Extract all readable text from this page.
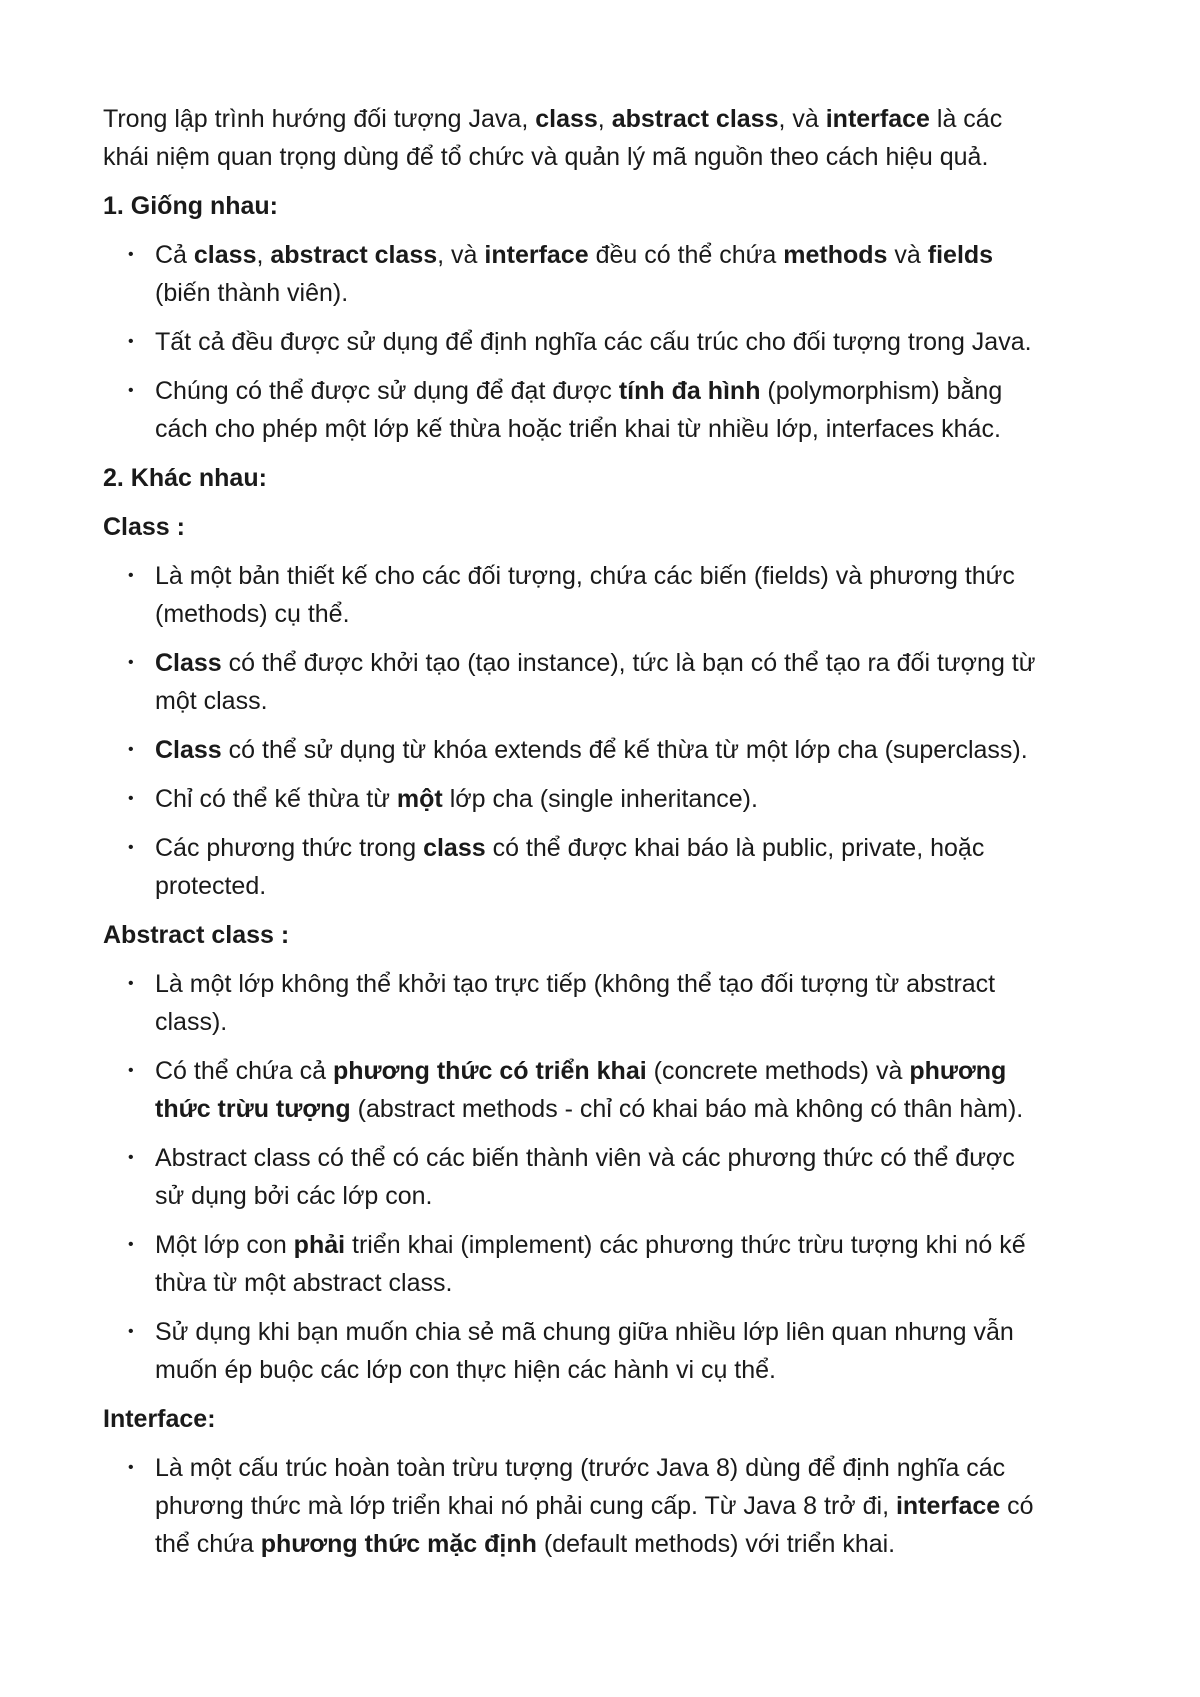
Trong lập trình hướng đối tượng Java, class, abstract class, và interface là các khái niệm quan trọng dùng để tổ chức và quản lý mã nguồn theo cách hiệu quả.

1. Giống nhau:

• Cả class, abstract class, và interface đều có thể chứa methods và fields (biến thành viên).
• Tất cả đều được sử dụng để định nghĩa các cấu trúc cho đối tượng trong Java.
• Chúng có thể được sử dụng để đạt được tính đa hình (polymorphism) bằng cách cho phép một lớp kế thừa hoặc triển khai từ nhiều lớp, interfaces khác.

2. Khác nhau:

Class :

• Là một bản thiết kế cho các đối tượng, chứa các biến (fields) và phương thức (methods) cụ thể.
• Class có thể được khởi tạo (tạo instance), tức là bạn có thể tạo ra đối tượng từ một class.
• Class có thể sử dụng từ khóa extends để kế thừa từ một lớp cha (superclass).
• Chỉ có thể kế thừa từ một lớp cha (single inheritance).
• Các phương thức trong class có thể được khai báo là public, private, hoặc protected.

Abstract class :

• Là một lớp không thể khởi tạo trực tiếp (không thể tạo đối tượng từ abstract class).
• Có thể chứa cả phương thức có triển khai (concrete methods) và phương thức trừu tượng (abstract methods - chỉ có khai báo mà không có thân hàm).
• Abstract class có thể có các biến thành viên và các phương thức có thể được sử dụng bởi các lớp con.
• Một lớp con phải triển khai (implement) các phương thức trừu tượng khi nó kế thừa từ một abstract class.
• Sử dụng khi bạn muốn chia sẻ mã chung giữa nhiều lớp liên quan nhưng vẫn muốn ép buộc các lớp con thực hiện các hành vi cụ thể.

Interface:

• Là một cấu trúc hoàn toàn trừu tượng (trước Java 8) dùng để định nghĩa các phương thức mà lớp triển khai nó phải cung cấp. Từ Java 8 trở đi, interface có thể chứa phương thức mặc định (default methods) với triển khai.
